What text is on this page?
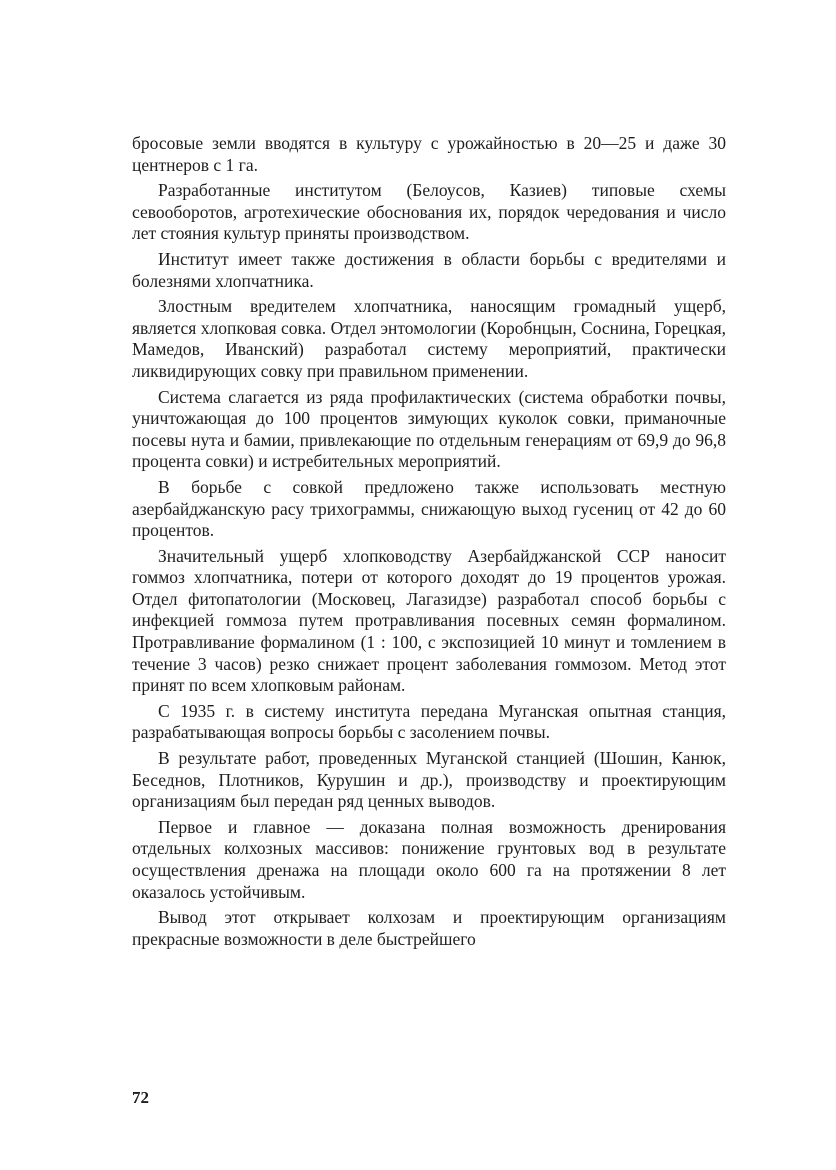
бросовые земли вводятся в культуру с урожайностью в 20—25 и даже 30 центнеров с 1 га.

Разработанные институтом (Белоусов, Казиев) типовые схемы севооборотов, агротехические обоснования их, порядок чередования и число лет стояния культур приняты производством.

Институт имеет также достижения в области борьбы с вредителями и болезнями хлопчатника.

Злостным вредителем хлопчатника, наносящим громадный ущерб, является хлопковая совка. Отдел энтомологии (Коробнцын, Соснина, Горецкая, Мамедов, Иванский) разработал систему мероприятий, практически ликвидирующих совку при правильном применении.

Система слагается из ряда профилактических (система обработки почвы, уничтожающая до 100 процентов зимующих куколок совки, приманочные посевы нута и бамии, привлекающие по отдельным генерациям от 69,9 до 96,8 процента совки) и истребительных мероприятий.

В борьбе с совкой предложено также использовать местную азербайджанскую расу трихограммы, снижающую выход гусениц от 42 до 60 процентов.

Значительный ущерб хлопководству Азербайджанской ССР наносит гоммоз хлопчатника, потери от которого доходят до 19 процентов урожая. Отдел фитопатологии (Московец, Лагазидзе) разработал способ борьбы с инфекцией гоммоза путем протравливания посевных семян формалином. Протравливание формалином (1 : 100, с экспозицией 10 минут и томлением в течение 3 часов) резко снижает процент заболевания гоммозом. Метод этот принят по всем хлопковым районам.

С 1935 г. в систему института передана Муганская опытная станция, разрабатывающая вопросы борьбы с засолением почвы.

В результате работ, проведенных Муганской станцией (Шошин, Канюк, Беседнов, Плотников, Курушин и др.), производству и проектирующим организациям был передан ряд ценных выводов.

Первое и главное — доказана полная возможность дренирования отдельных колхозных массивов: понижение грунтовых вод в результате осуществления дренажа на площади около 600 га на протяжении 8 лет оказалось устойчивым.

Вывод этот открывает колхозам и проектирующим организациям прекрасные возможности в деле быстрейшего

72
